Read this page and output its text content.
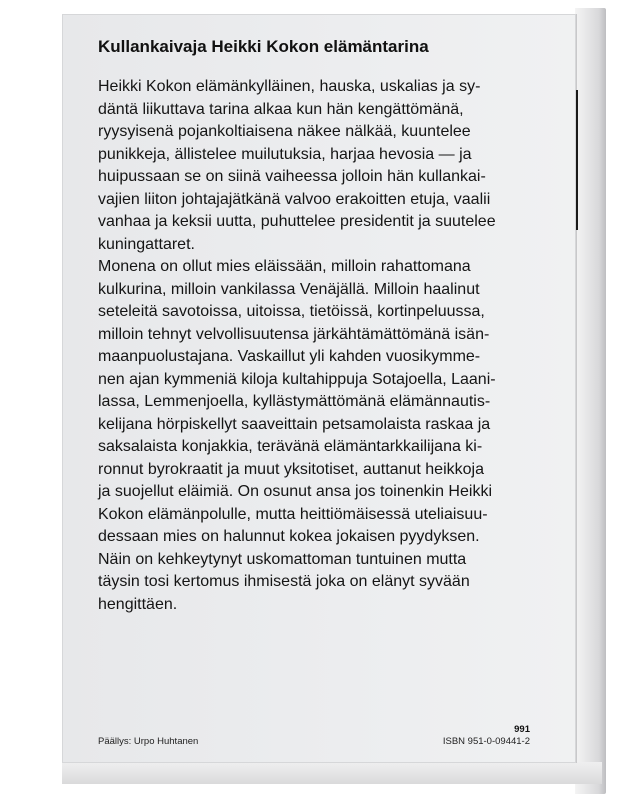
Kullankaivaja Heikki Kokon elämäntarina

Heikki Kokon elämänkylläinen, hauska, uskalias ja sy-
däntä liikuttava tarina alkaa kun hän kengättömänä,
ryysyisenä pojankoltiaisena näkee nälkää, kuuntelee
punikkeja, ällistelee muilutuksia, harjaa hevosia — ja
huipussaan se on siinä vaiheessa jolloin hän kullankai-
vajien liiton johtajajätkänä valvoo erakoitten etuja, vaalii
vanhaa ja keksii uutta, puhuttelee presidentit ja suutelee
kuningattaret.
Monena on ollut mies eläissään, milloin rahattomana
kulkurina, milloin vankilassa Venäjällä. Milloin haalinut
seteleitä savotoissa, uitoissa, tietöissä, kortinpeluussa,
milloin tehnyt velvollisuutensa järkähtämättömänä isän-
maanpuolustajana. Vaskaillut yli kahden vuosikymme-
nen ajan kymmeniä kiloja kultahippuja Sotajoella, Laani-
lassa, Lemmenjoella, kyllästymättömänä elämännautis-
kelijana hörpiskellyt saaveittain petsamolaista raskaa ja
saksalaista konjakkia, terävänä elämäntarkkailijana ki-
ronnut byrokraatit ja muut yksitotiset, auttanut heikkoja
ja suojellut eläimiä. On osunut ansa jos toinenkin Heikki
Kokon elämänpolulle, mutta heittiömäisessä uteliaisuu-
dessaan mies on halunnut kokea jokaisen pyydyksen.
Näin on kehkeytynyt uskomattoman tuntuinen mutta
täysin tosi kertomus ihmisestä joka on elänyt syvään
hengittäen.

Päällys: Urpo Huhtanen
991
ISBN 951-0-09441-2
